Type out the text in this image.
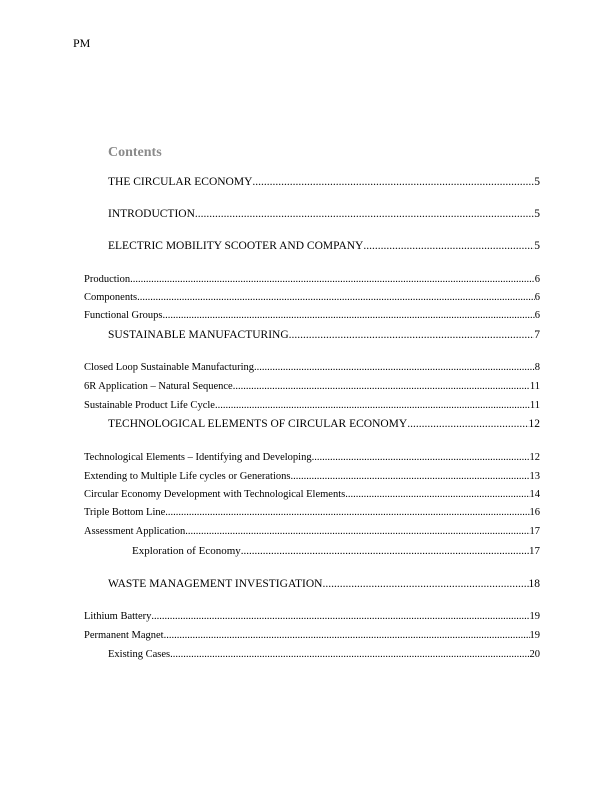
PM
Contents
THE CIRCULAR ECONOMY .....	5
INTRODUCTION .....	5
ELECTRIC MOBILITY SCOOTER AND COMPANY .....	5
Production .....	6
Components .....	6
Functional Groups .....	6
SUSTAINABLE MANUFACTURING .....	7
Closed Loop Sustainable Manufacturing .....	8
6R Application – Natural Sequence .....	11
Sustainable Product Life Cycle .....	11
TECHNOLOGICAL ELEMENTS OF CIRCULAR ECONOMY .....	12
Technological Elements – Identifying and Developing .....	12
Extending to Multiple Life cycles or Generations .....	13
Circular Economy Development with Technological Elements .....	14
Triple Bottom Line .....	16
Assessment Application .....	17
Exploration of Economy .....	17
WASTE MANAGEMENT INVESTIGATION .....	18
Lithium Battery .....	19
Permanent Magnet .....	19
Existing Cases .....	20
